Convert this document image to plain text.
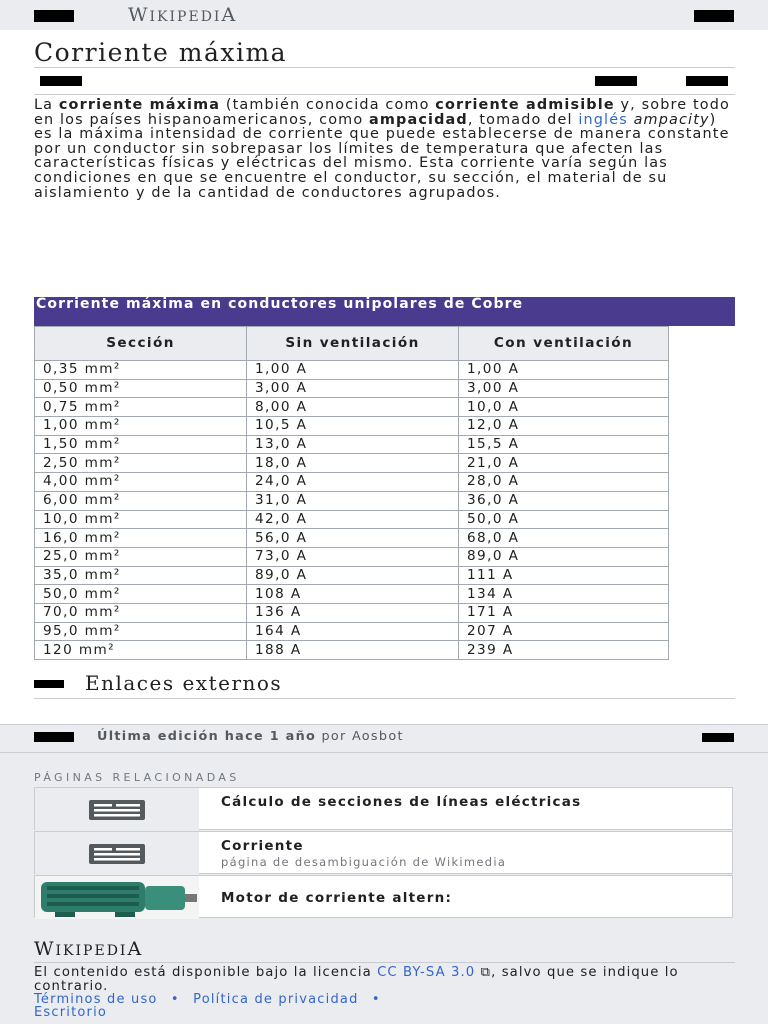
WIKIPEDIA
Corriente máxima
La corriente máxima (también conocida como corriente admisible y, sobre todo en los países hispanoamericanos, como ampacidad, tomado del inglés ampacity) es la máxima intensidad de corriente que puede establecerse de manera constante por un conductor sin sobrepasar los límites de temperatura que afecten las características físicas y eléctricas del mismo. Esta corriente varía según las condiciones en que se encuentre el conductor, su sección, el material de su aislamiento y de la cantidad de conductores agrupados.
Corriente máxima en conductores unipolares de Cobre
Sección	Sin ventilación	Con ventilación
0,35 mm²	1,00 A	1,00 A
0,50 mm²	3,00 A	3,00 A
0,75 mm²	8,00 A	10,0 A
1,00 mm²	10,5 A	12,0 A
1,50 mm²	13,0 A	15,5 A
2,50 mm²	18,0 A	21,0 A
4,00 mm²	24,0 A	28,0 A
6,00 mm²	31,0 A	36,0 A
10,0 mm²	42,0 A	50,0 A
16,0 mm²	56,0 A	68,0 A
25,0 mm²	73,0 A	89,0 A
35,0 mm²	89,0 A	111 A
50,0 mm²	108 A	134 A
70,0 mm²	136 A	171 A
95,0 mm²	164 A	207 A
120 mm²	188 A	239 A
Enlaces externos
Última edición hace 1 año por Aosbot
PÁGINAS RELACIONADAS
Cálculo de secciones de líneas eléctricas
Corriente
página de desambiguación de Wikimedia
Motor de corriente altern:
WIKIPEDIA
El contenido está disponible bajo la licencia CC BY-SA 3.0 ⧉, salvo que se indique lo contrario.
Términos de uso • Política de privacidad •
Escritorio
